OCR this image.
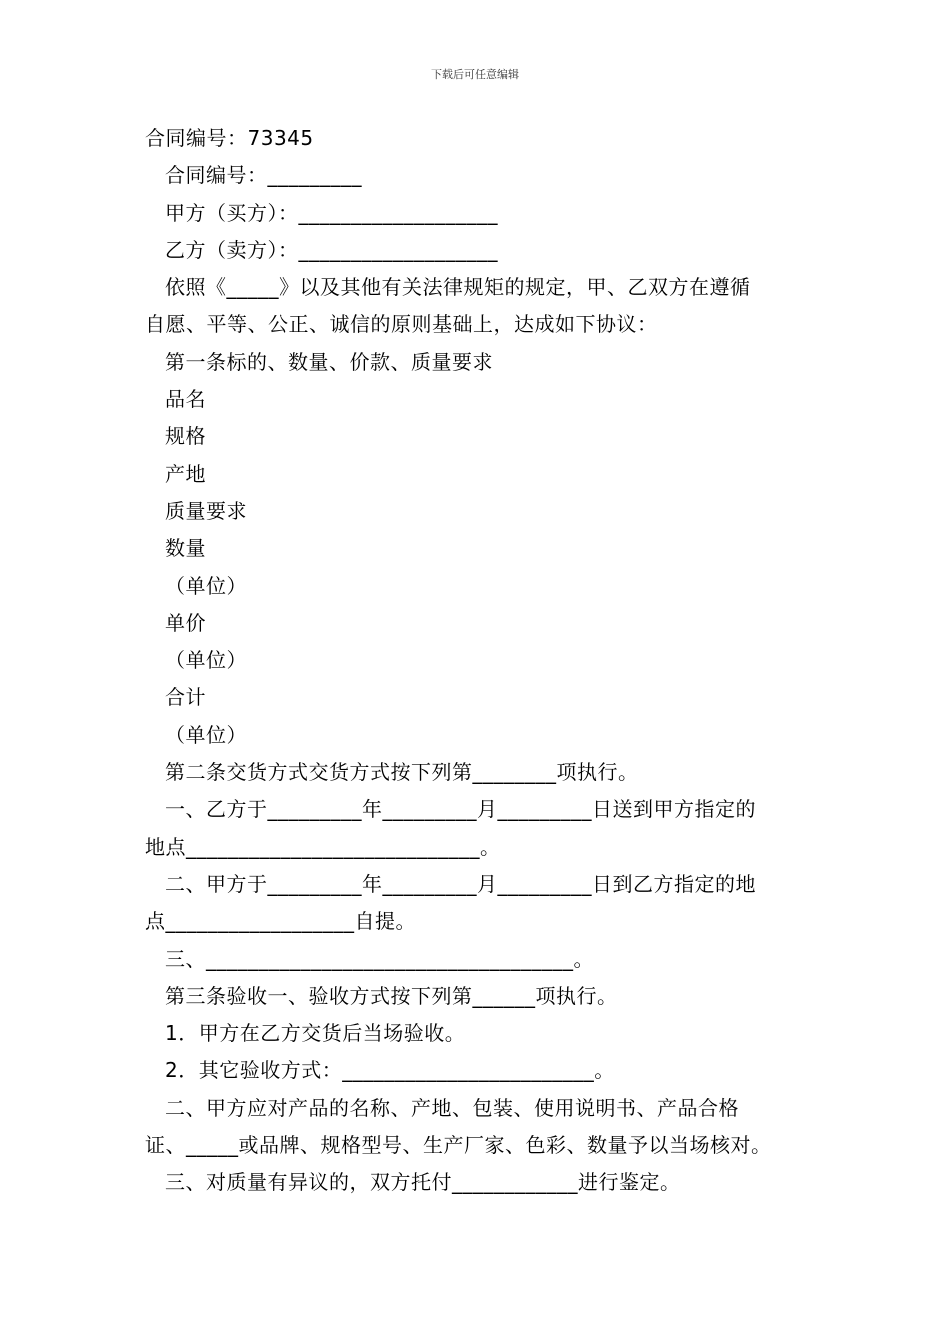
下载后可任意编辑
合同编号：73345
合同编号：_________
甲方（买方）：___________________
乙方（卖方）：___________________
依照《_____》以及其他有关法律规矩的规定，甲、乙双方在遵循
自愿、平等、公正、诚信的原则基础上，达成如下协议：
第一条标的、数量、价款、质量要求
品名
规格
产地
质量要求
数量
（单位）
单价
（单位）
合计
（单位）
第二条交货方式交货方式按下列第________项执行。
一、乙方于_________年_________月_________日送到甲方指定的
地点____________________________。
二、甲方于_________年_________月_________日到乙方指定的地
点__________________自提。
三、___________________________________。
第三条验收一、验收方式按下列第______项执行。
1．甲方在乙方交货后当场验收。
2．其它验收方式：________________________。
二、甲方应对产品的名称、产地、包装、使用说明书、产品合格
证、_____或品牌、规格型号、生产厂家、色彩、数量予以当场核对。
三、对质量有异议的，双方托付____________进行鉴定。
